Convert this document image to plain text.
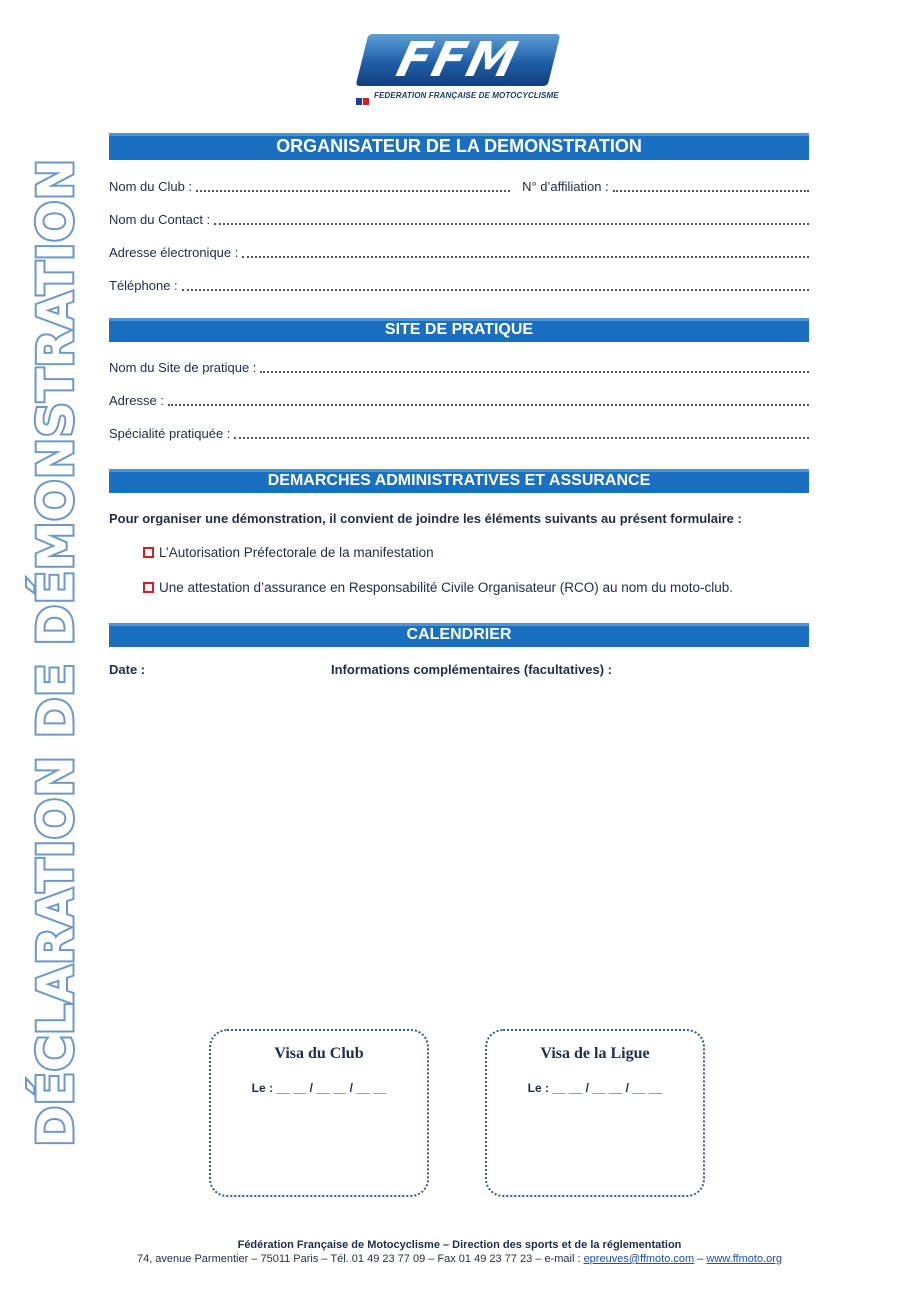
DÉCLARATION DE DÉMONSTRATION
FFM
FEDERATION FRANÇAISE DE MOTOCYCLISME
ORGANISATEUR DE LA DEMONSTRATION
Nom du Club :	N° d’affiliation :
Nom du Contact :
Adresse électronique :
Téléphone :
SITE DE PRATIQUE
Nom du Site de pratique :
Adresse :
Spécialité pratiquée :
DEMARCHES ADMINISTRATIVES ET ASSURANCE
Pour organiser une démonstration, il convient de joindre les éléments suivants au présent formulaire :
L’Autorisation Préfectorale de la manifestation
Une attestation d’assurance en Responsabilité Civile Organisateur (RCO) au nom du moto-club.
CALENDRIER
Date :	Informations complémentaires (facultatives) :
Visa du Club
Le : __ __ / __ __ / __ __
Visa de la Ligue
Le : __ __ / __ __ / __ __
Fédération Française de Motocyclisme – Direction des sports et de la réglementation
74, avenue Parmentier – 75011 Paris – Tél. 01 49 23 77 09 – Fax 01 49 23 77 23 – e-mail : epreuves@ffmoto.com – www.ffmoto.org
